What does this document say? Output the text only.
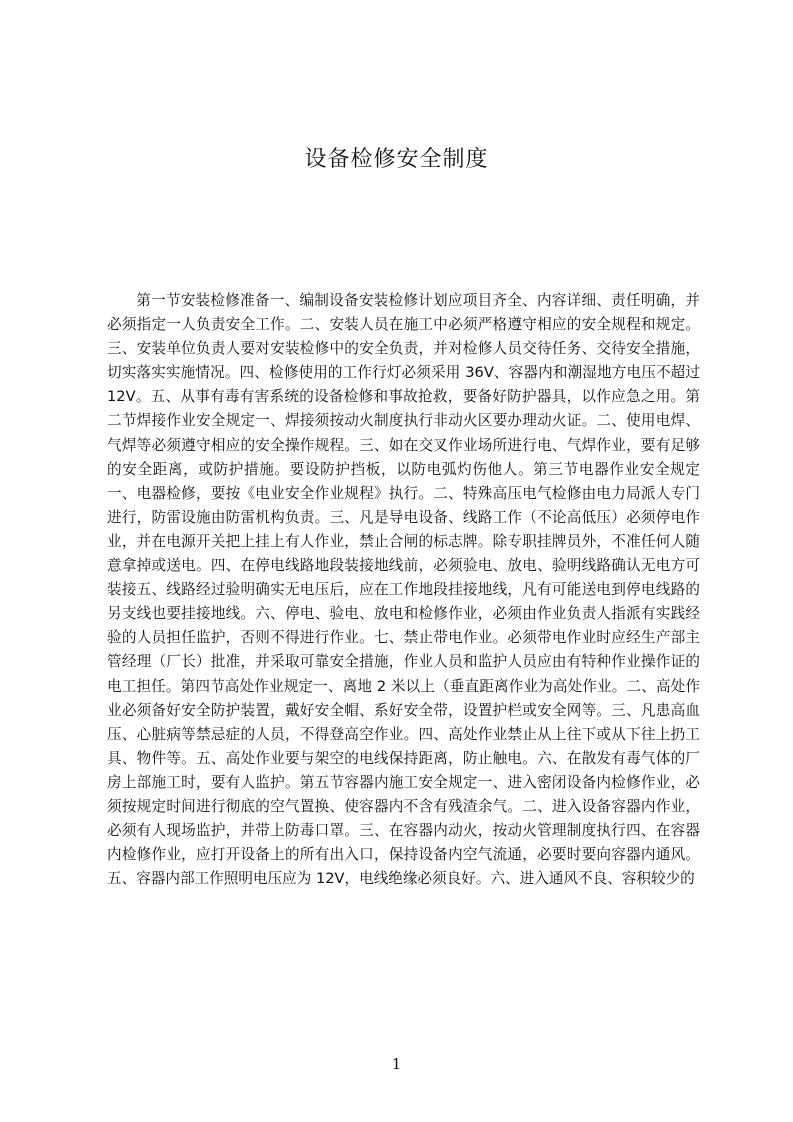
设备检修安全制度

第一节安装检修准备一、编制设备安装检修计划应项目齐全、内容详细、责任明确，并必须指定一人负责安全工作。二、安装人员在施工中必须严格遵守相应的安全规程和规定。三、安装单位负责人要对安装检修中的安全负责，并对检修人员交待任务、交待安全措施，切实落实实施情况。四、检修使用的工作行灯必须采用 36V、容器内和潮湿地方电压不超过 12V。五、从事有毒有害系统的设备检修和事故抢救，要备好防护器具，以作应急之用。第二节焊接作业安全规定一、焊接须按动火制度执行非动火区要办理动火证。二、使用电焊、气焊等必须遵守相应的安全操作规程。三、如在交叉作业场所进行电、气焊作业，要有足够的安全距离，或防护措施。要设防护挡板，以防电弧灼伤他人。第三节电器作业安全规定一、电器检修，要按《电业安全作业规程》执行。二、特殊高压电气检修由电力局派人专门进行，防雷设施由防雷机构负责。三、凡是导电设备、线路工作（不论高低压）必须停电作业，并在电源开关把上挂上有人作业，禁止合闸的标志牌。除专职挂牌员外，不准任何人随意拿掉或送电。四、在停电线路地段装接地线前，必须验电、放电、验明线路确认无电方可装接五、线路经过验明确实无电压后，应在工作地段挂接地线，凡有可能送电到停电线路的另支线也要挂接地线。六、停电、验电、放电和检修作业，必须由作业负责人指派有实践经验的人员担任监护，否则不得进行作业。七、禁止带电作业。必须带电作业时应经生产部主管经理（厂长）批准，并采取可靠安全措施，作业人员和监护人员应由有特种作业操作证的电工担任。第四节高处作业规定一、离地 2 米以上（垂直距离作业为高处作业。二、高处作业必须备好安全防护装置，戴好安全帽、系好安全带，设置护栏或安全网等。三、凡患高血压、心脏病等禁忌症的人员，不得登高空作业。四、高处作业禁止从上往下或从下往上扔工具、物件等。五、高处作业要与架空的电线保持距离，防止触电。六、在散发有毒气体的厂房上部施工时，要有人监护。第五节容器内施工安全规定一、进入密闭设备内检修作业，必须按规定时间进行彻底的空气置换、使容器内不含有残渣余气。二、进入设备容器内作业，必须有人现场监护，并带上防毒口罩。三、在容器内动火，按动火管理制度执行四、在容器内检修作业，应打开设备上的所有出入口，保持设备内空气流通，必要时要向容器内通风。五、容器内部工作照明电压应为 12V，电线绝缘必须良好。六、进入通风不良、容积较少的

1
